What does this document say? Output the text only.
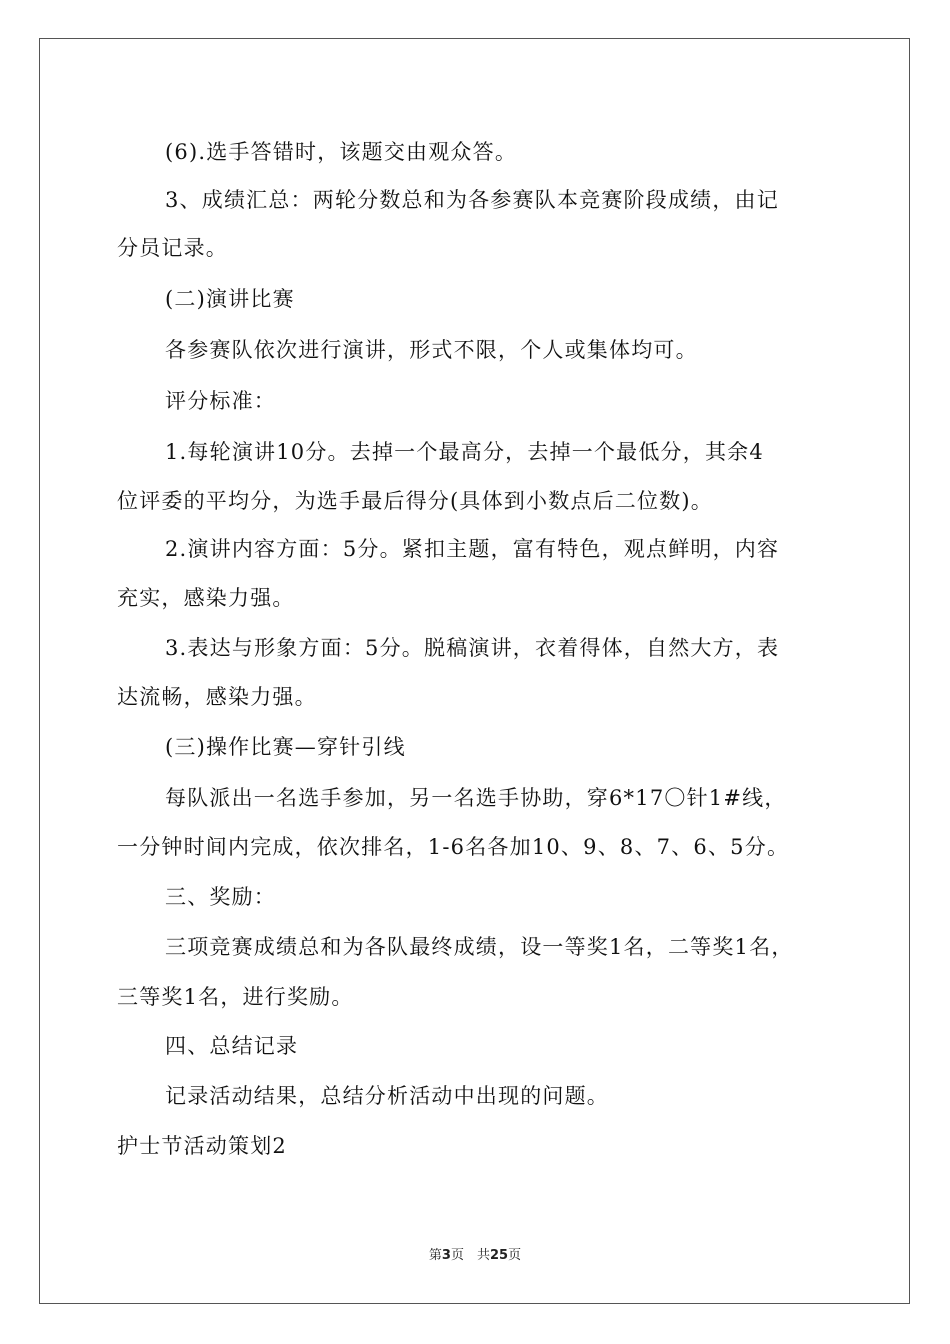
(6).选手答错时，该题交由观众答。
3、成绩汇总：两轮分数总和为各参赛队本竞赛阶段成绩，由记
分员记录。
(二)演讲比赛
各参赛队依次进行演讲，形式不限，个人或集体均可。
评分标准：
1.每轮演讲10分。去掉一个最高分，去掉一个最低分，其余4
位评委的平均分，为选手最后得分(具体到小数点后二位数)。
2.演讲内容方面：5分。紧扣主题，富有特色，观点鲜明，内容
充实，感染力强。
3.表达与形象方面：5分。脱稿演讲，衣着得体，自然大方，表
达流畅，感染力强。
(三)操作比赛—穿针引线
每队派出一名选手参加，另一名选手协助，穿6*17〇针1#线，
一分钟时间内完成，依次排名，1-6名各加10、9、8、7、6、5分。
三、奖励：
三项竞赛成绩总和为各队最终成绩，设一等奖1名，二等奖1名，
三等奖1名，进行奖励。
四、总结记录
记录活动结果，总结分析活动中出现的问题。
护士节活动策划2
第3页　共25页
